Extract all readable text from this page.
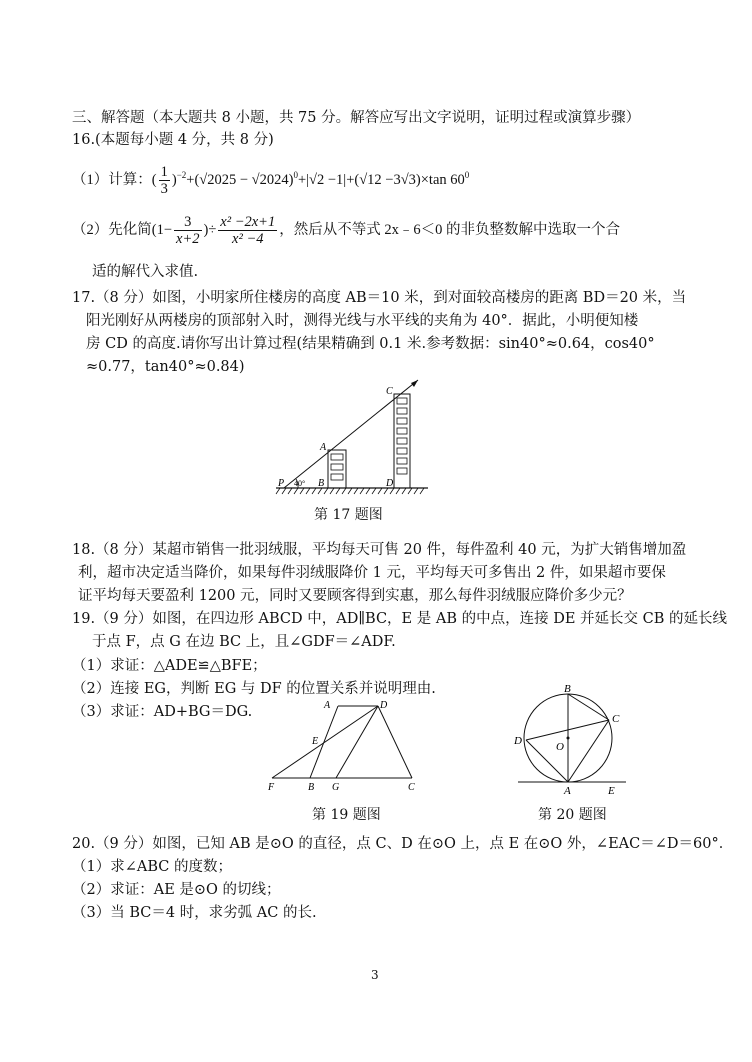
三、解答题（本大题共 8 小题，共 75 分。解答应写出文字说明，证明过程或演算步骤）
16.(本题每小题 4 分，共 8 分)
（1）计算：( $\frac{1}{3} )^{-2}+(√2025 - √2024)^0+|√2 -1|+(√12 -3√3)\times\tan$ $60^0$
（2）先化简($1- \frac{3}{x+2}$ )÷ $\frac{\text{x² −2x+1}}{\text{x² −4}}$ ，然后从不等式 2x﹣6＜0 的非负整数解中选取一个合
适的解代入求值.
17.（8 分）如图，小明家所住楼房的高度 AB＝10 米，到对面较高楼房的距离 BD＝20 米，当
阳光刚好从两楼房的顶部射入时，测得光线与水平线的夹角为 40°．据此，小明便知楼
房 CD 的高度.请你写出计算过程(结果精确到 0.1 米.参考数据：sin40°≈0.64，cos40°
≈0.77，tan40°≈0.84)
C
A
P 40° B	D
第 17 题图
18.（8 分）某超市销售一批羽绒服，平均每天可售 20 件，每件盈利 40 元，为扩大销售增加盈
利，超市决定适当降价，如果每件羽绒服降价 1 元，平均每天可多售出 2 件，如果超市要保
证平均每天要盈利 1200 元，同时又要顾客得到实惠，那么每件羽绒服应降价多少元？
19.（9 分）如图，在四边形 ABCD 中，AD∥BC，E 是 AB 的中点，连接 DE 并延长交 CB 的延长线
于点 F，点 G 在边 BC 上，且∠GDF＝∠ADF.
（1）求证：△ADE≌△BFE；
（2）连接 EG，判断 EG 与 DF 的位置关系并说明理由.
（3）求证：AD+BG＝DG.	A	D
E
F	B G	C
第 19 题图
B
C
D	O
A	E
第 20 题图
20.（9 分）如图，已知 AB 是⊙O 的直径，点 C、D 在⊙O 上，点 E 在⊙O 外，∠EAC＝∠D＝60°．
（1）求∠ABC 的度数；
（2）求证：AE 是⊙O 的切线；
（3）当 BC＝4 时，求劣弧 AC 的长.
3
